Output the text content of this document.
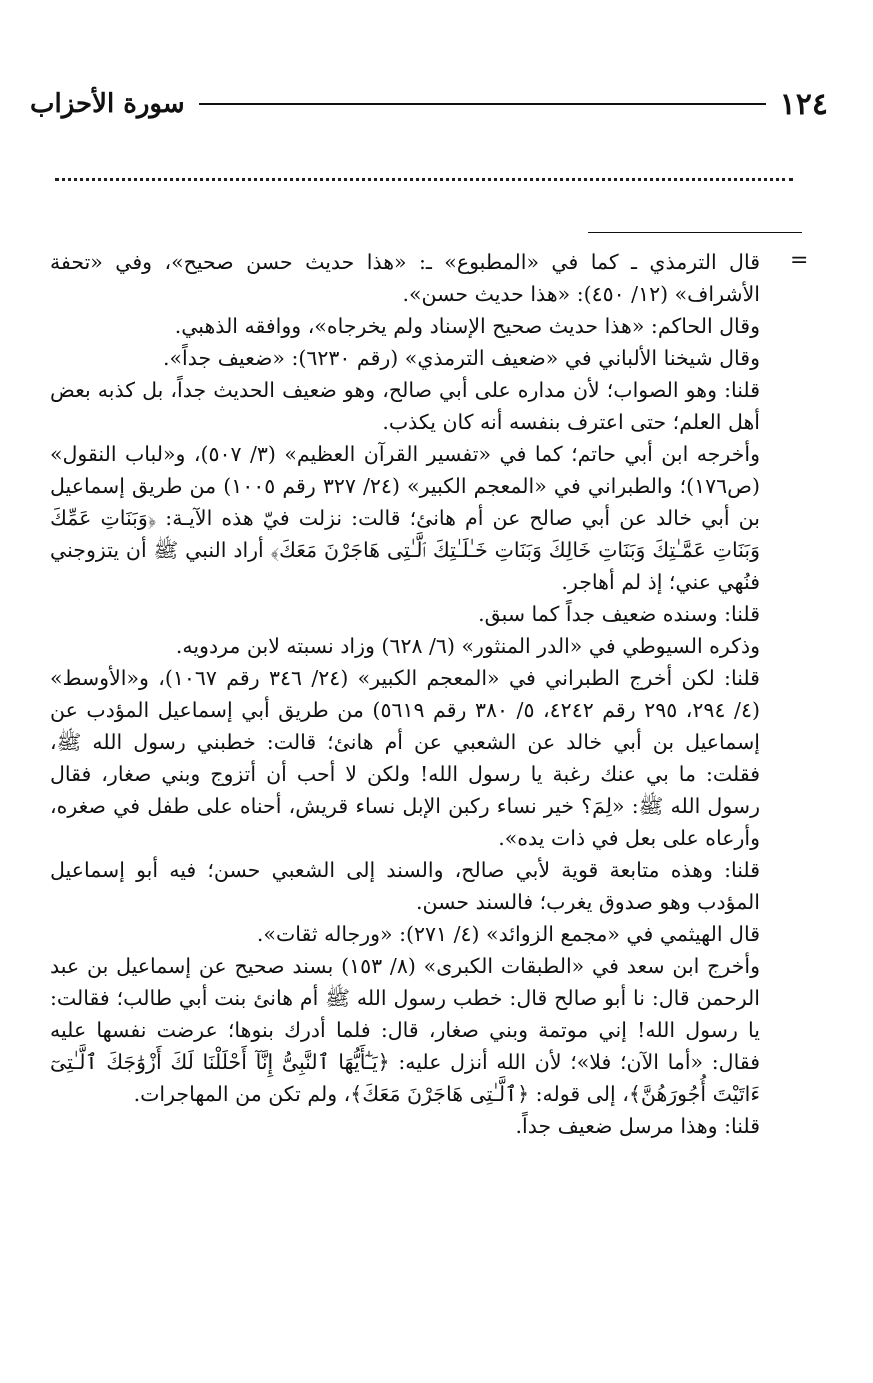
١٢٤
سورة الأحزاب
=

قال الترمذي ـ كما في «المطبوع» ـ: «هذا حديث حسن صحيح»، وفي «تحفة الأشراف» (١٢/ ٤٥٠): «هذا حديث حسن».

وقال الحاكم: «هذا حديث صحيح الإسناد ولم يخرجاه»، ووافقه الذهبي.

وقال شيخنا الألباني في «ضعيف الترمذي» (رقم ٦٢٣٠): «ضعيف جداً».

قلنا: وهو الصواب؛ لأن مداره على أبي صالح، وهو ضعيف الحديث جداً، بل كذبه بعض أهل العلم؛ حتى اعترف بنفسه أنه كان يكذب.

وأخرجه ابن أبي حاتم؛ كما في «تفسير القرآن العظيم» (٣/ ٥٠٧)، و«لباب النقول» (ص١٧٦)؛ والطبراني في «المعجم الكبير» (٢٤/ ٣٢٧ رقم ١٠٠٥) من طريق إسماعيل بن أبي خالد عن أبي صالح عن أم هانئ؛ قالت: نزلت فيّ هذه الآيـة: ﴿وَبَنَاتِ عَمِّكَ وَبَنَاتِ عَمَّـٰتِكَ وَبَنَاتِ خَالِكَ وَبَنَاتِ خَـٰلَـٰتِكَ ٱلَّـٰتِى هَاجَرْنَ مَعَكَ﴾ أراد النبي ﷺ أن يتزوجني فنُهي عني؛ إذ لم أهاجر.

قلنا: وسنده ضعيف جداً كما سبق.

وذكره السيوطي في «الدر المنثور» (٦/ ٦٢٨) وزاد نسبته لابن مردويه.

قلنا: لكن أخرج الطبراني في «المعجم الكبير» (٢٤/ ٣٤٦ رقم ١٠٦٧)، و«الأوسط» (٤/ ٢٩٤، ٢٩٥ رقم ٤٢٤٢، ٥/ ٣٨٠ رقم ٥٦١٩) من طريق أبي إسماعيل المؤدب عن إسماعيل بن أبي خالد عن الشعبي عن أم هانئ؛ قالت: خطبني رسول الله ﷺ، فقلت: ما بي عنك رغبة يا رسول الله! ولكن لا أحب أن أتزوج وبني صغار، فقال رسول الله ﷺ: «لِمَ؟ خير نساء ركبن الإبل نساء قريش، أحناه على طفل في صغره، وأرعاه على بعل في ذات يده».

قلنا: وهذه متابعة قوية لأبي صالح، والسند إلى الشعبي حسن؛ فيه أبو إسماعيل المؤدب وهو صدوق يغرب؛ فالسند حسن.

قال الهيثمي في «مجمع الزوائد» (٤/ ٢٧١): «ورجاله ثقات».

وأخرج ابن سعد في «الطبقات الكبرى» (٨/ ١٥٣) بسند صحيح عن إسماعيل بن عبد الرحمن قال: نا أبو صالح قال: خطب رسول الله ﷺ أم هانئ بنت أبي طالب؛ فقالت: يا رسول الله! إني موتمة وبني صغار، قال: فلما أدرك بنوها؛ عرضت نفسها عليه فقال: «أما الآن؛ فلا»؛ لأن الله أنزل عليه: ﴿يَـٰٓأَيُّهَا ٱلنَّبِىُّ إِنَّآ أَحْلَلْنَا لَكَ أَزْوَٰجَكَ ٱلَّـٰتِىٓ ءَاتَيْتَ أُجُورَهُنَّ﴾، إلى قوله: ﴿ٱلَّـٰتِى هَاجَرْنَ مَعَكَ﴾، ولم تكن من المهاجرات.

قلنا: وهذا مرسل ضعيف جداً.
